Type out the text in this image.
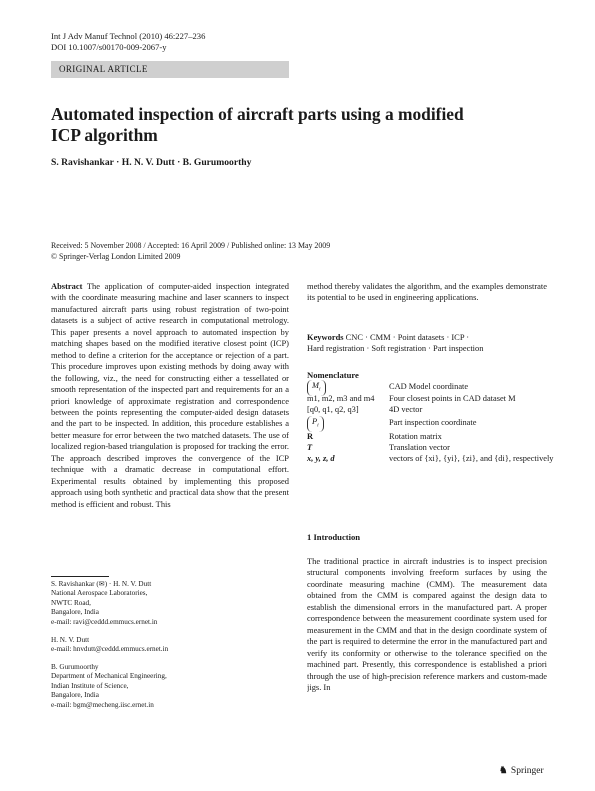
Int J Adv Manuf Technol (2010) 46:227–236
DOI 10.1007/s00170-009-2067-y
ORIGINAL ARTICLE
Automated inspection of aircraft parts using a modified
ICP algorithm
S. Ravishankar · H. N. V. Dutt · B. Gurumoorthy
Received: 5 November 2008 / Accepted: 16 April 2009 / Published online: 13 May 2009
© Springer-Verlag London Limited 2009
Abstract The application of computer-aided inspection integrated with the coordinate measuring machine and laser scanners to inspect manufactured aircraft parts using robust registration of two-point datasets is a subject of active research in computational metrology. This paper presents a novel approach to automated inspection by matching shapes based on the modified iterative closest point (ICP) method to define a criterion for the acceptance or rejection of a part. This procedure improves upon existing methods by doing away with the following, viz., the need for constructing either a tessellated or smooth representation of the inspected part and requirements for an a priori knowledge of approximate registration and correspondence between the points representing the computer-aided design datasets and the part to be inspected. In addition, this procedure establishes a better measure for error between the two matched datasets. The use of localized region-based triangulation is proposed for tracking the error. The approach described improves the convergence of the ICP technique with a dramatic decrease in computational effort. Experimental results obtained by implementing this proposed approach using both synthetic and practical data show that the present method is efficient and robust. This
S. Ravishankar (✉) · H. N. V. Dutt
National Aerospace Laboratories,
NWTC Road,
Bangalore, India
e-mail: ravi@ceddd.emmucs.ernet.in
H. N. V. Dutt
e-mail: hnvdutt@ceddd.emmucs.ernet.in
B. Gurumoorthy
Department of Mechanical Engineering,
Indian Institute of Science,
Bangalore, India
e-mail: bgm@mecheng.iisc.ernet.in
method thereby validates the algorithm, and the examples demonstrate its potential to be used in engineering applications.
Keywords CNC · CMM · Point datasets · ICP ·
Hard registration · Soft registration · Part inspection
Nomenclature
$M_i$	CAD Model coordinate
m1, m2, m3 and m4 Four closest points in CAD dataset M
[q0, q1, q2, q3]	4D vector
$P_i$	Part inspection coordinate
R	Rotation matrix
T	Translation vector
x, y, z, d	vectors of {xi}, {yi}, {zi}, and {di}, respectively
1 Introduction
The traditional practice in aircraft industries is to inspect precision structural components involving freeform surfaces by using the coordinate measuring machine (CMM). The measurement data obtained from the CMM is compared against the design data to establish the dimensional errors in the manufactured part. A proper correspondence between the measurement coordinate system used for measurement in the CMM and that in the design coordinate system of the part is required to determine the error in the manufactured part and verify its conformity or otherwise to the tolerance specified on the machined part. Presently, this correspondence is established a priori through the use of high-precision reference markers and custom-made jigs. In
♞ Springer
